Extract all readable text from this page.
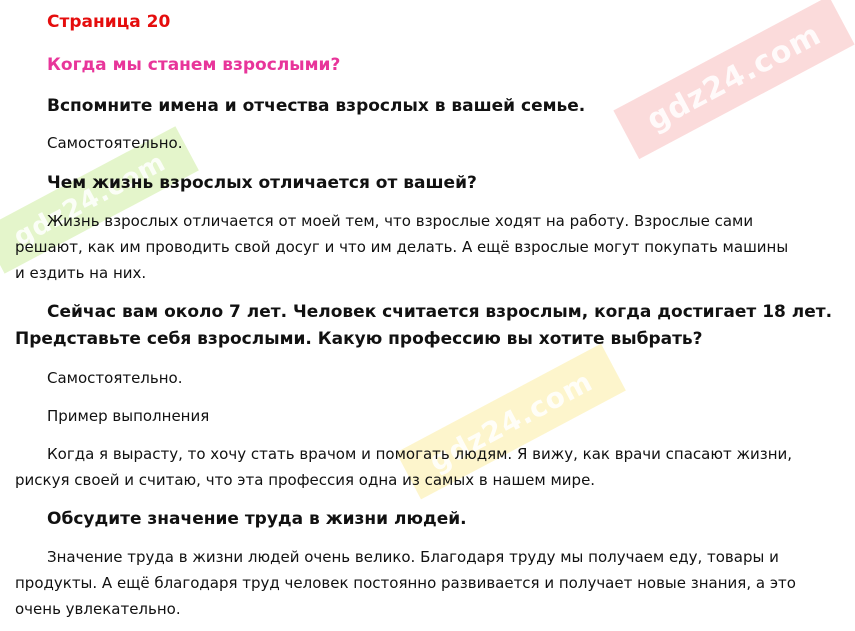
gdz24.com
gdz24.com
gdz24.com
Страница 20
Когда мы станем взрослыми?
Вспомните имена и отчества взрослых в вашей семье.
Самостоятельно.
Чем жизнь взрослых отличается от вашей?
Жизнь взрослых отличается от моей тем, что взрослые ходят на работу. Взрослые сами
решают, как им проводить свой досуг и что им делать. А ещё взрослые могут покупать машины
и ездить на них.
Сейчас вам около 7 лет. Человек считается взрослым, когда достигает 18 лет.
Представьте себя взрослыми. Какую профессию вы хотите выбрать?
Самостоятельно.
Пример выполнения
Когда я вырасту, то хочу стать врачом и помогать людям. Я вижу, как врачи спасают жизни,
рискуя своей и считаю, что эта профессия одна из самых в нашем мире.
Обсудите значение труда в жизни людей.
Значение труда в жизни людей очень велико. Благодаря труду мы получаем еду, товары и
продукты. А ещё благодаря труд человек постоянно развивается и получает новые знания, а это
очень увлекательно.
